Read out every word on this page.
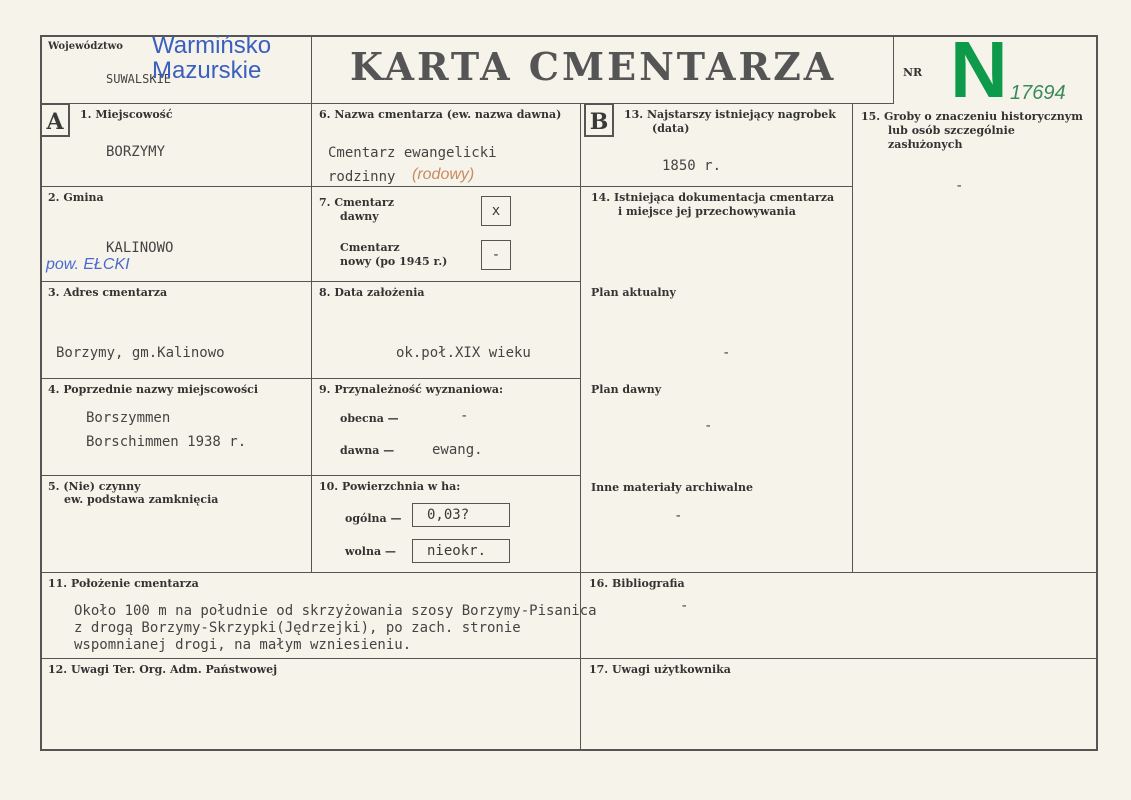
Województwo
SUWALSKIE
Warmińsko
Mazurskie KARTA CMENTARZA	NR N 17694
A	B
1. Miejscowość
BORZYMY
2. Gmina
KALINOWO
pow. EŁCKI
3. Adres cmentarza
Borzymy, gm.Kalinowo
4. Poprzednie nazwy miejscowości
Borszymmen
Borschimmen 1938 r.
5. (Nie) czynny
ew. podstawa zamknięcia
6. Nazwa cmentarza (ew. nazwa dawna)
Cmentarz ewangelicki
rodzinny (rodowy)
7. Cmentarz
dawny	x
Cmentarz
nowy (po 1945 r.)	-
8. Data założenia
ok.poł.XIX wieku
9. Przynależność wyznaniowa:
obecna —	-
dawna —	ewang.
10. Powierzchnia w ha:
ogólna —	0,03?
wolna —	nieokr.
13. Najstarszy istniejący nagrobek
(data)
1850 r.
14. Istniejąca dokumentacja cmentarza
i miejsce jej przechowywania
Plan aktualny
-
Plan dawny
-
Inne materiały archiwalne
-
15. Groby o znaczeniu historycznym
lub osób szczególnie
zasłużonych
-
11. Położenie cmentarza
Około 100 m na południe od skrzyżowania szosy Borzymy-Pisanica
z drogą Borzymy-Skrzypki(Jędrzejki), po zach. stronie
wspomnianej drogi, na małym wzniesieniu.
16. Bibliografia
-
12. Uwagi Ter. Org. Adm. Państwowej	17. Uwagi użytkownika
